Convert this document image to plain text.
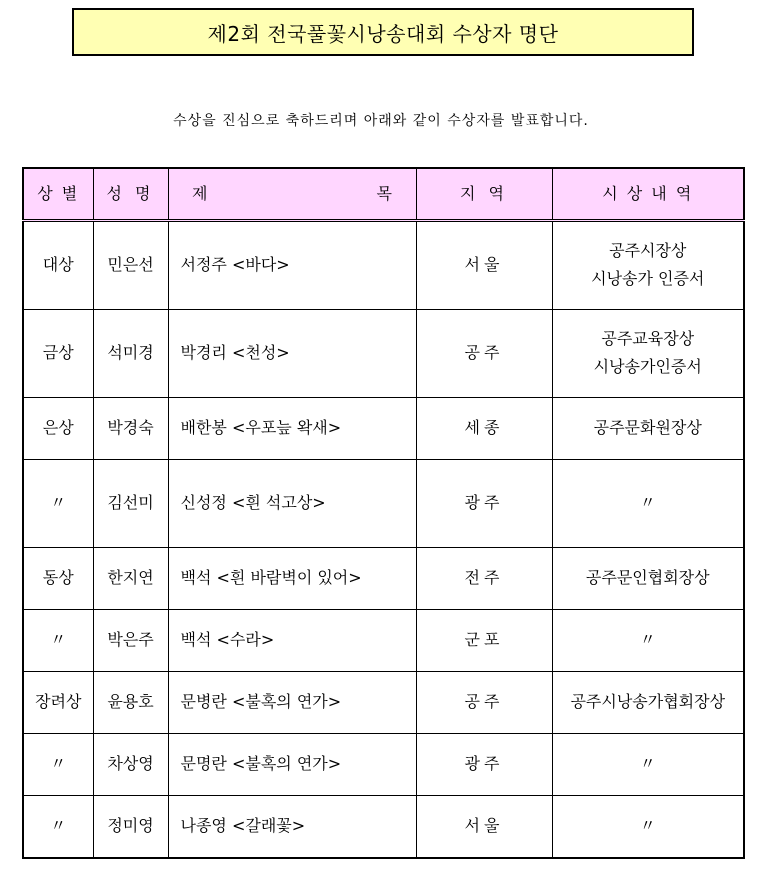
제2회 전국풀꽃시낭송대회 수상자 명단
수상을 진심으로 축하드리며 아래와 같이 수상자를 발표합니다.
상 별	성 명	제 목	지 역	시 상 내 역
대상	민은선	서정주 <바다>	서울	공주시장상
시낭송가 인증서

금상	석미경	박경리 <천성>	공주	공주교육장상
시낭송가인증서

은상	박경숙	배한봉 <우포늪 왁새>	세종	공주문화원장상
〃	김선미	신성정 <흰 석고상>	광주	〃
동상	한지연	백석 <흰 바람벽이 있어>	전주	공주문인협회장상
〃	박은주	백석 <수라>	군포	〃
장려상	윤용호	문병란 <불혹의 연가>	공주	공주시낭송가협회장상
〃	차상영	문명란 <불혹의 연가>	광주	〃
〃	정미영	나종영 <갈래꽃>	서울	〃
